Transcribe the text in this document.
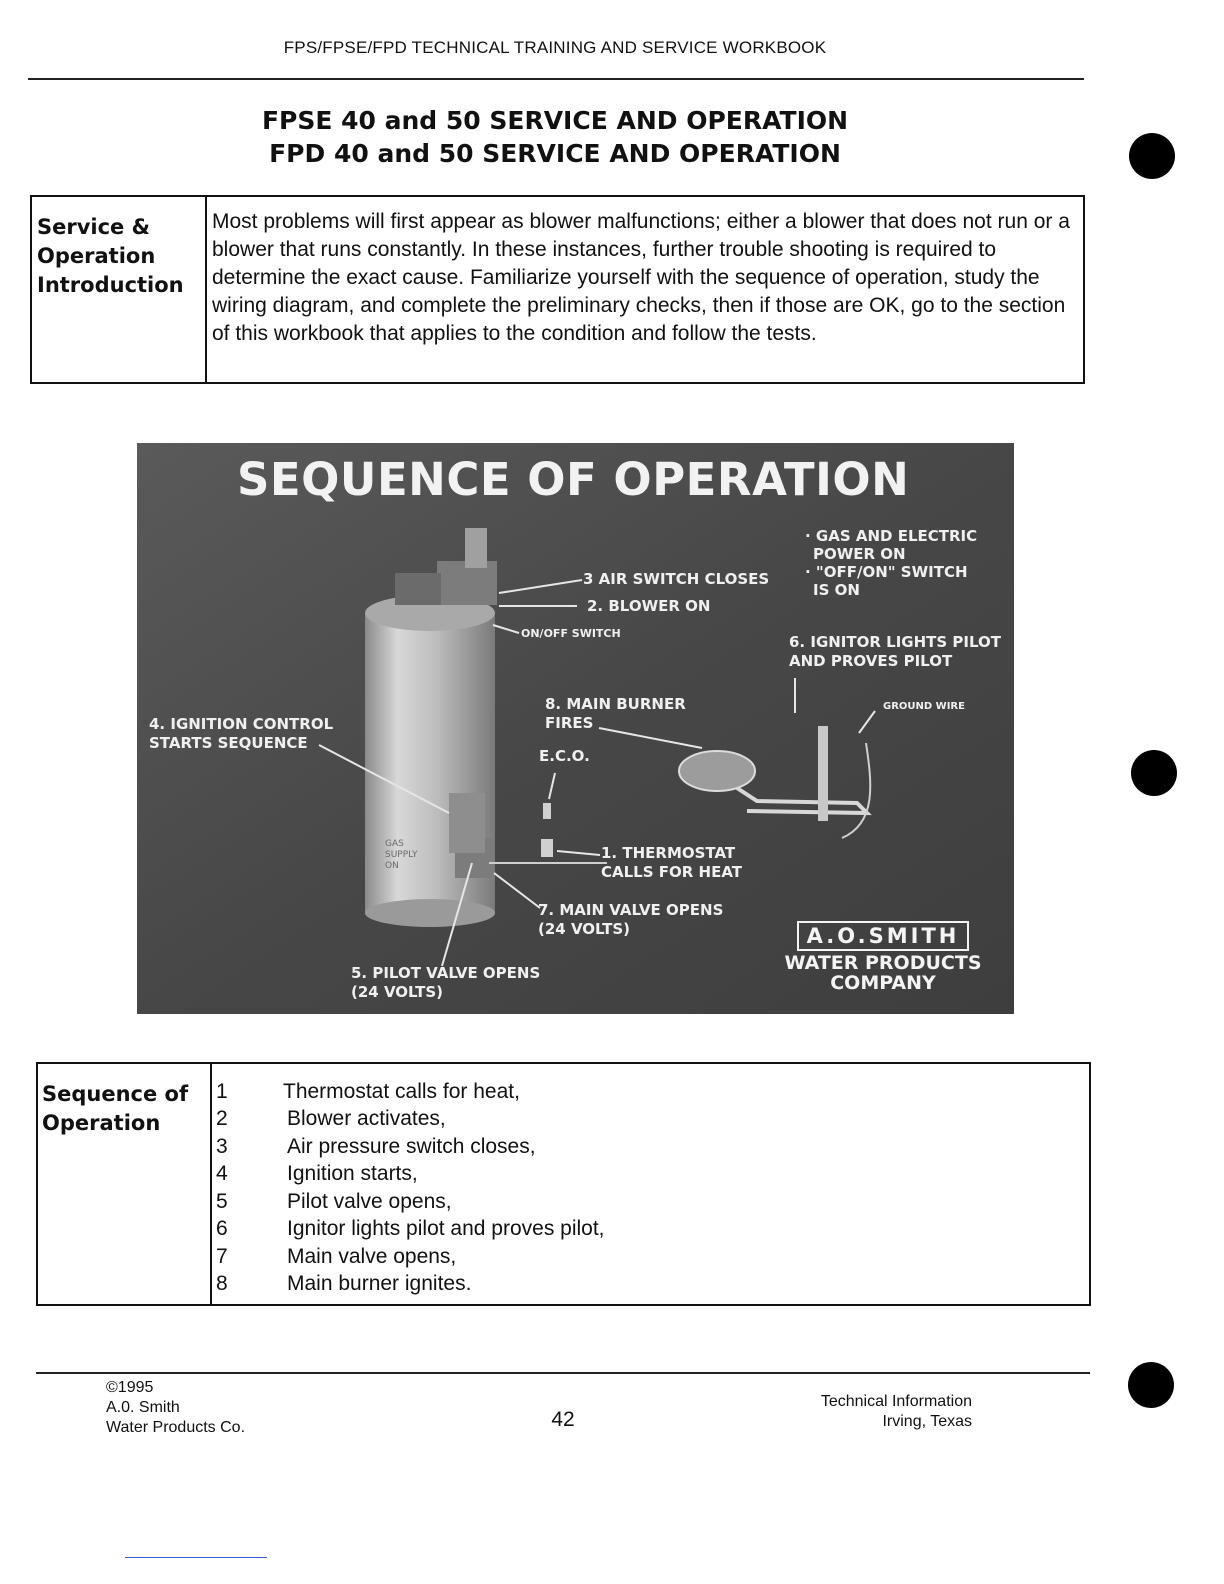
FPS/FPSE/FPD TECHNICAL TRAINING AND SERVICE WORKBOOK
FPSE 40 and 50 SERVICE AND OPERATION
FPD 40 and 50 SERVICE AND OPERATION
Service &
Operation
Introduction
Most problems will first appear as blower malfunctions; either a blower that does not run or a blower that runs constantly. In these instances, further trouble shooting is required to determine the exact cause. Familiarize yourself with the sequence of operation, study the wiring diagram, and complete the preliminary checks, then if those are OK, go to the section of this workbook that applies to the condition and follow the tests.
SEQUENCE OF OPERATION
· GAS AND ELECTRIC
POWER ON
· "OFF/ON" SWITCH
IS ON
3 AIR SWITCH CLOSES
2. BLOWER ON
ON/OFF SWITCH	6. IGNITOR LIGHTS PILOT
AND PROVES PILOT
GROUND WIRE
8. MAIN BURNER
FIRES
E.C.O.
4. IGNITION CONTROL
STARTS SEQUENCE
GAS
SUPPLY
ON
1. THERMOSTAT
CALLS FOR HEAT
7. MAIN VALVE OPENS
(24 VOLTS)
5. PILOT VALVE OPENS
(24 VOLTS)
A.O.SMITH
WATER PRODUCTS
COMPANY
Sequence of
Operation
1	Thermostat calls for heat,
2	Blower activates,
3	Air pressure switch closes,
4	Ignition starts,
5	Pilot valve opens,
6	Ignitor lights pilot and proves pilot,
7	Main valve opens,
8	Main burner ignites.
©1995
A.0. Smith
Water Products Co.	42
Technical Information
Irving, Texas
